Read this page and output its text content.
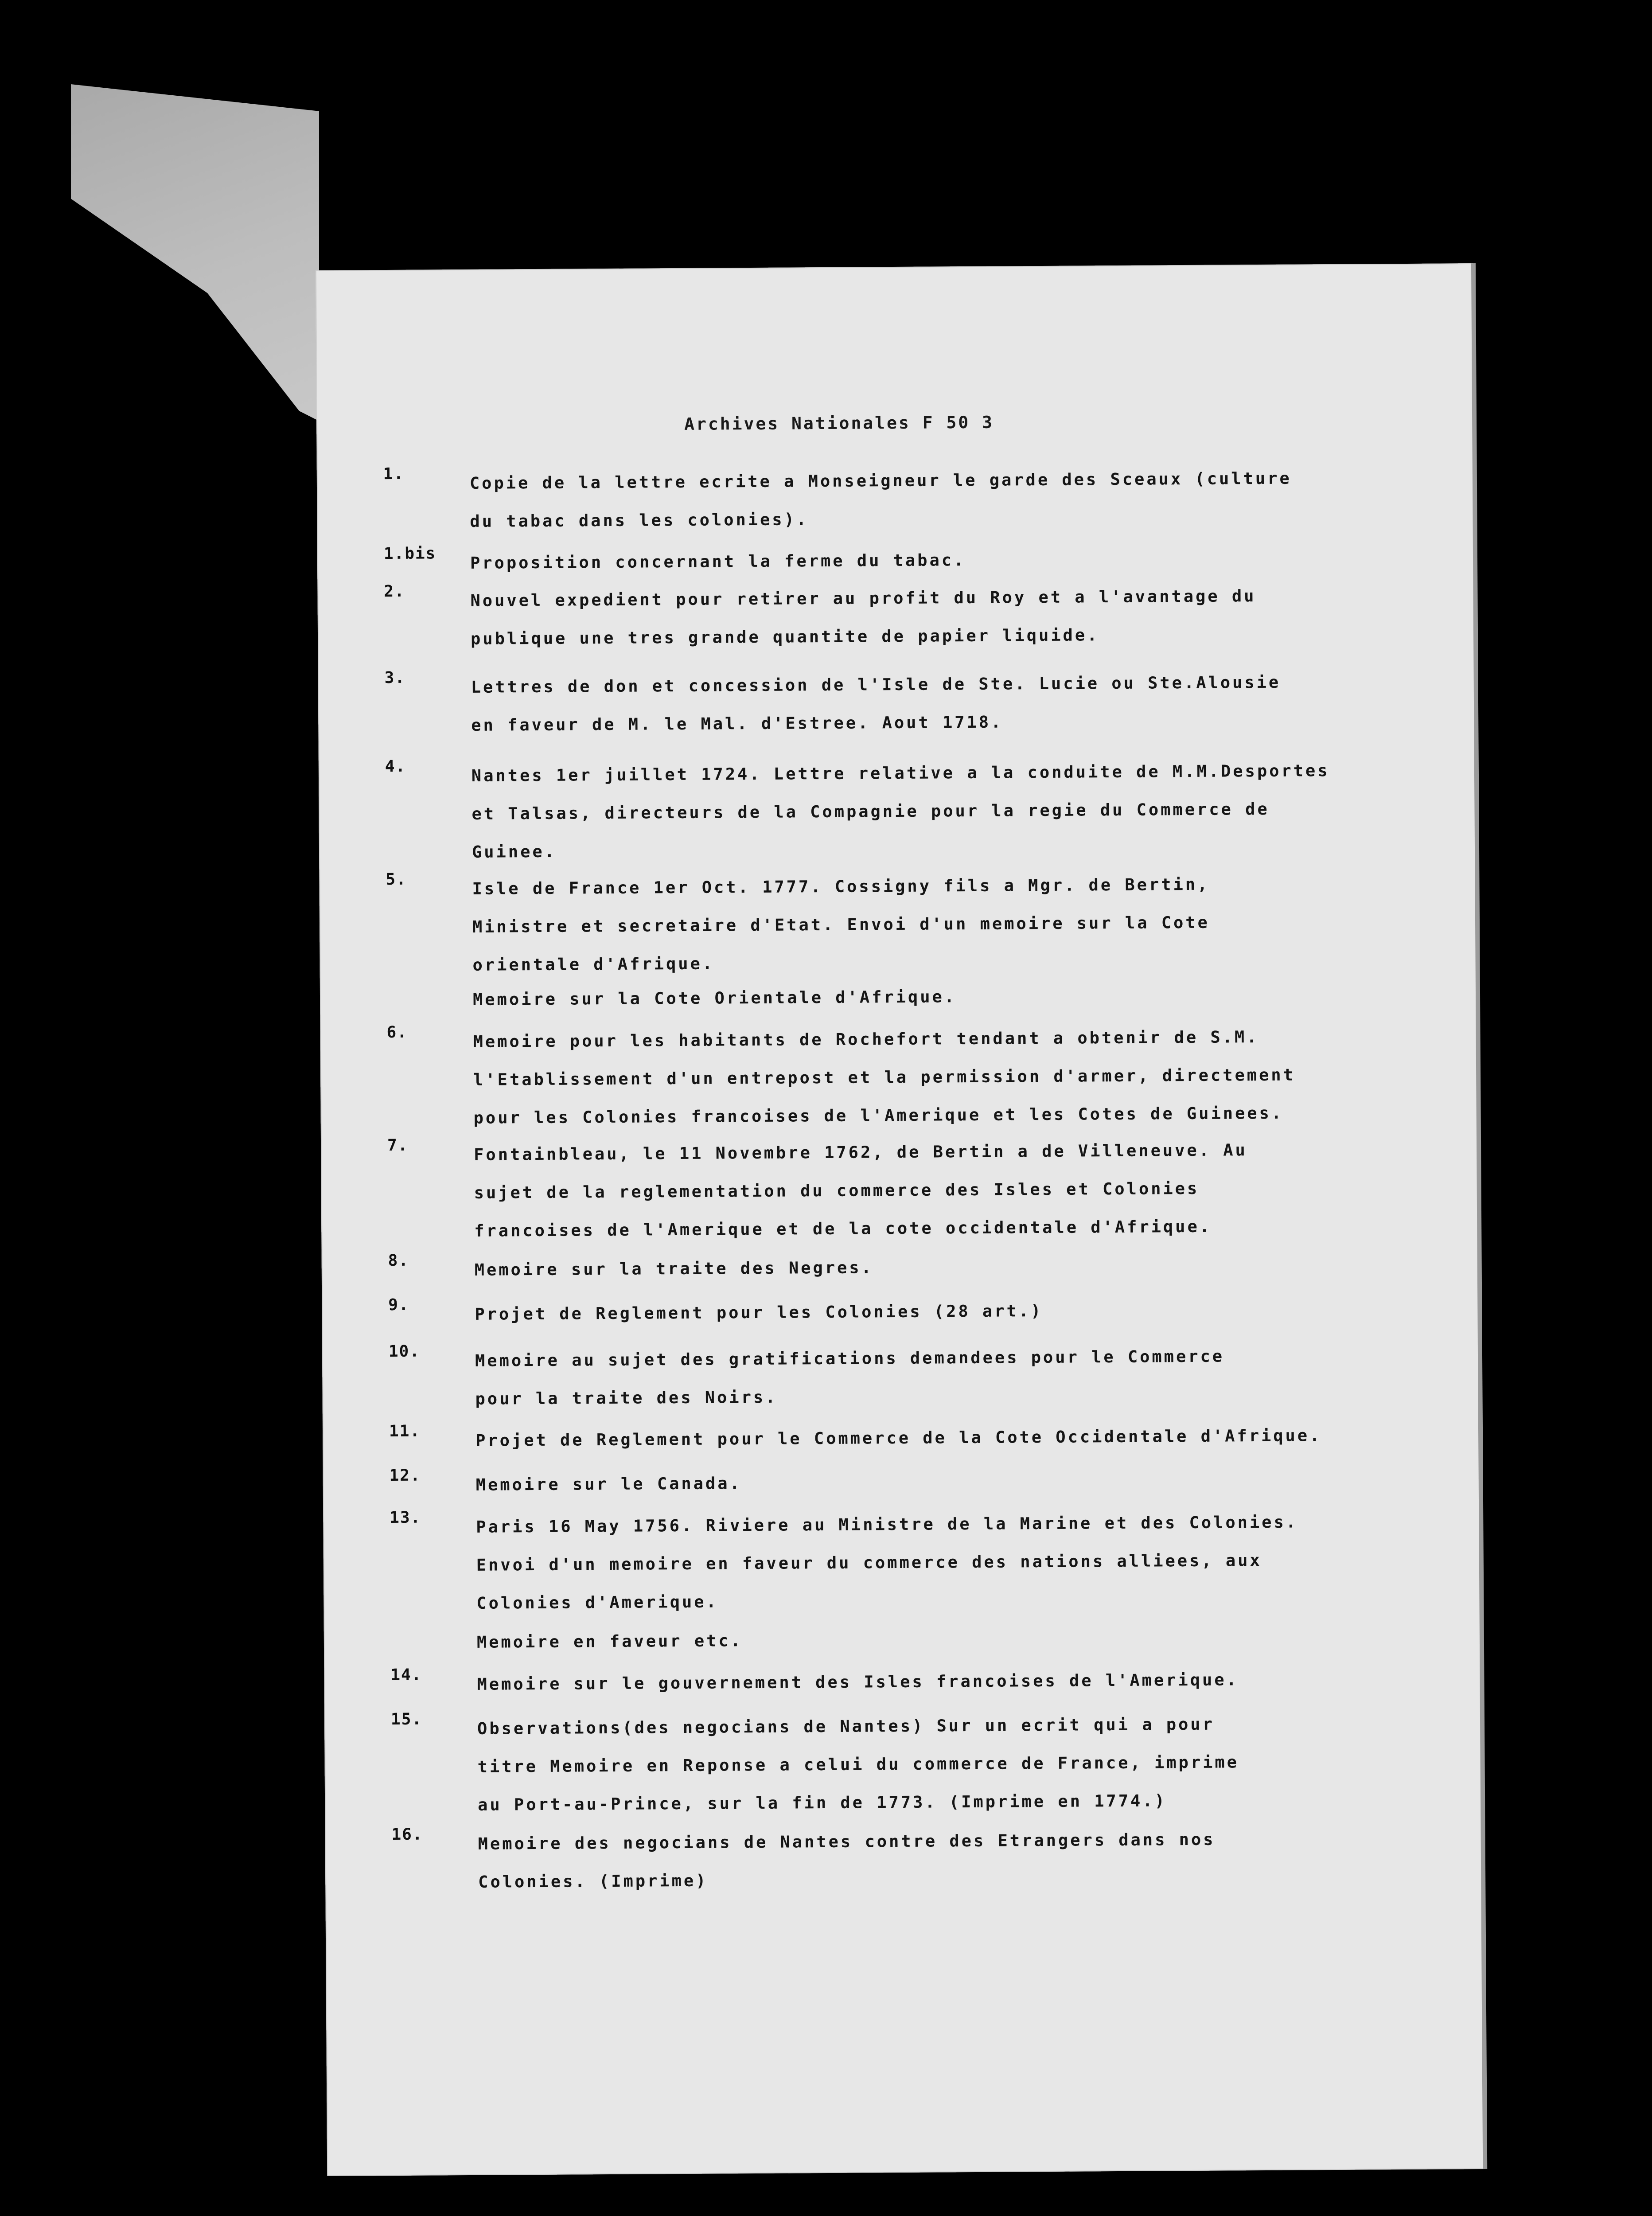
Archives Nationales F 50 3
1.	Copie de la lettre ecrite a Monseigneur le garde des Sceaux (culture
du tabac dans les colonies).
1.bis	Proposition concernant la ferme du tabac.
2.	Nouvel expedient pour retirer au profit du Roy et a l'avantage du
publique une tres grande quantite de papier liquide.
3.	Lettres de don et concession de l'Isle de Ste. Lucie ou Ste.Alousie
en faveur de M. le Mal. d'Estree. Aout 1718.
4.	Nantes 1er juillet 1724. Lettre relative a la conduite de M.M.Desportes
et Talsas, directeurs de la Compagnie pour la regie du Commerce de
Guinee.
5.	Isle de France 1er Oct. 1777. Cossigny fils a Mgr. de Bertin,
Ministre et secretaire d'Etat. Envoi d'un memoire sur la Cote
orientale d'Afrique.
Memoire sur la Cote Orientale d'Afrique.
6.	Memoire pour les habitants de Rochefort tendant a obtenir de S.M.
l'Etablissement d'un entrepost et la permission d'armer, directement
pour les Colonies francoises de l'Amerique et les Cotes de Guinees.
7.	Fontainbleau, le 11 Novembre 1762, de Bertin a de Villeneuve. Au
sujet de la reglementation du commerce des Isles et Colonies
francoises de l'Amerique et de la cote occidentale d'Afrique.
8.	Memoire sur la traite des Negres.
9.	Projet de Reglement pour les Colonies (28 art.)
10.	Memoire au sujet des gratifications demandees pour le Commerce
pour la traite des Noirs.
11.	Projet de Reglement pour le Commerce de la Cote Occidentale d'Afrique.
12.	Memoire sur le Canada.
13.	Paris 16 May 1756. Riviere au Ministre de la Marine et des Colonies.
Envoi d'un memoire en faveur du commerce des nations alliees, aux
Colonies d'Amerique.
Memoire en faveur etc.
14.	Memoire sur le gouvernement des Isles francoises de l'Amerique.
15.	Observations(des negocians de Nantes) Sur un ecrit qui a pour
titre Memoire en Reponse a celui du commerce de France, imprime
au Port-au-Prince, sur la fin de 1773. (Imprime en 1774.)
16.	Memoire des negocians de Nantes contre des Etrangers dans nos
Colonies. (Imprime)
